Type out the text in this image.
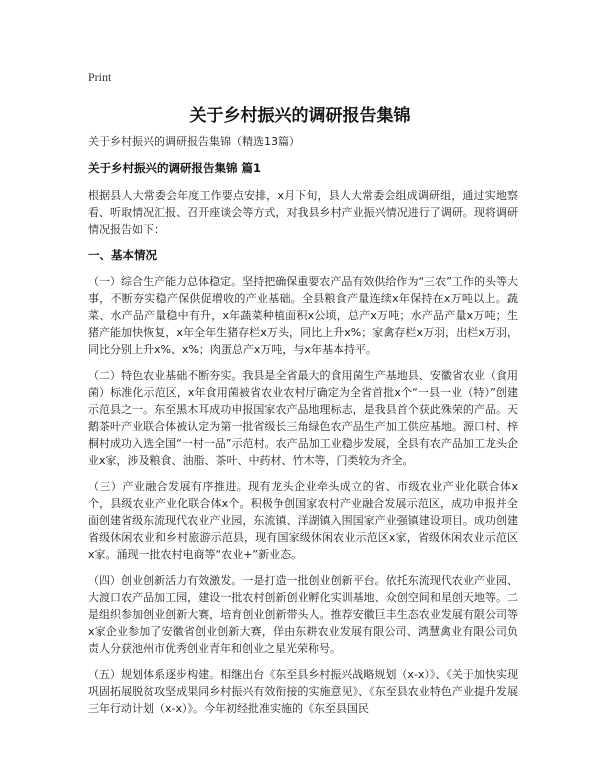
Print
关于乡村振兴的调研报告集锦
关于乡村振兴的调研报告集锦（精选13篇）
关于乡村振兴的调研报告集锦 篇1

根据县人大常委会年度工作要点安排，x月下旬，县人大常委会组成调研组，通过实地察看、听取情况汇报、召开座谈会等方式，对我县乡村产业振兴情况进行了调研。现将调研情况报告如下：

一、基本情况

（一）综合生产能力总体稳定。坚持把确保重要农产品有效供给作为“三农”工作的头等大事，不断夯实稳产保供促增收的产业基础。全县粮食产量连续x年保持在x万吨以上。蔬菜、水产品产量稳中有升，x年蔬菜种植面积x公顷，总产x万吨；水产品产量x万吨；生猪产能加快恢复，x年全年生猪存栏x万头，同比上升x%；家禽存栏x万羽，出栏x万羽，同比分别上升x%、x%；肉蛋总产x万吨，与x年基本持平。

（二）特色农业基础不断夯实。我县是全省最大的食用菌生产基地县、安徽省农业（食用菌）标准化示范区，x年食用菌被省农业农村厅确定为全省首批x个“一县一业（特）”创建示范县之一。东至黑木耳成功申报国家农产品地理标志，是我县首个获此殊荣的产品。天鹅茶叶产业联合体被认定为第一批省级长三角绿色农产品生产加工供应基地。源口村、梓桐村成功入选全国“一村一品”示范村。农产品加工业稳步发展，全县有农产品加工龙头企业x家，涉及粮食、油脂、茶叶、中药材、竹木等，门类较为齐全。

（三）产业融合发展有序推进。现有龙头企业牵头成立的省、市级农业产业化联合体x个，县级农业产业化联合体x个。积极争创国家农村产业融合发展示范区，成功申报并全面创建省级东流现代农业产业园，东流镇、洋湖镇入围国家产业强镇建设项目。成功创建省级休闲农业和乡村旅游示范县，现有国家级休闲农业示范区x家，省级休闲农业示范区x家。涌现一批农村电商等“农业+”新业态。

（四）创业创新活力有效激发。一是打造一批创业创新平台。依托东流现代农业产业园、大渡口农产品加工园，建设一批农村创新创业孵化实训基地、众创空间和星创天地等。二是组织参加创业创新大赛，培育创业创新带头人。推荐安徽巨丰生态农业发展有限公司等x家企业参加了安徽省创业创新大赛，佯由东耕农业发展有限公司、鸿慧禽业有限公司负责人分获池州市优秀创业青年和创业之星光荣称号。

（五）规划体系逐步构建。相继出台《东至县乡村振兴战略规划（x-x）》、《关于加快实现巩固拓展脱贫攻坚成果同乡村振兴有效衔接的实施意见》、《东至县农业特色产业提升发展三年行动计划（x-x）》。今年初经批准实施的《东至县国民
